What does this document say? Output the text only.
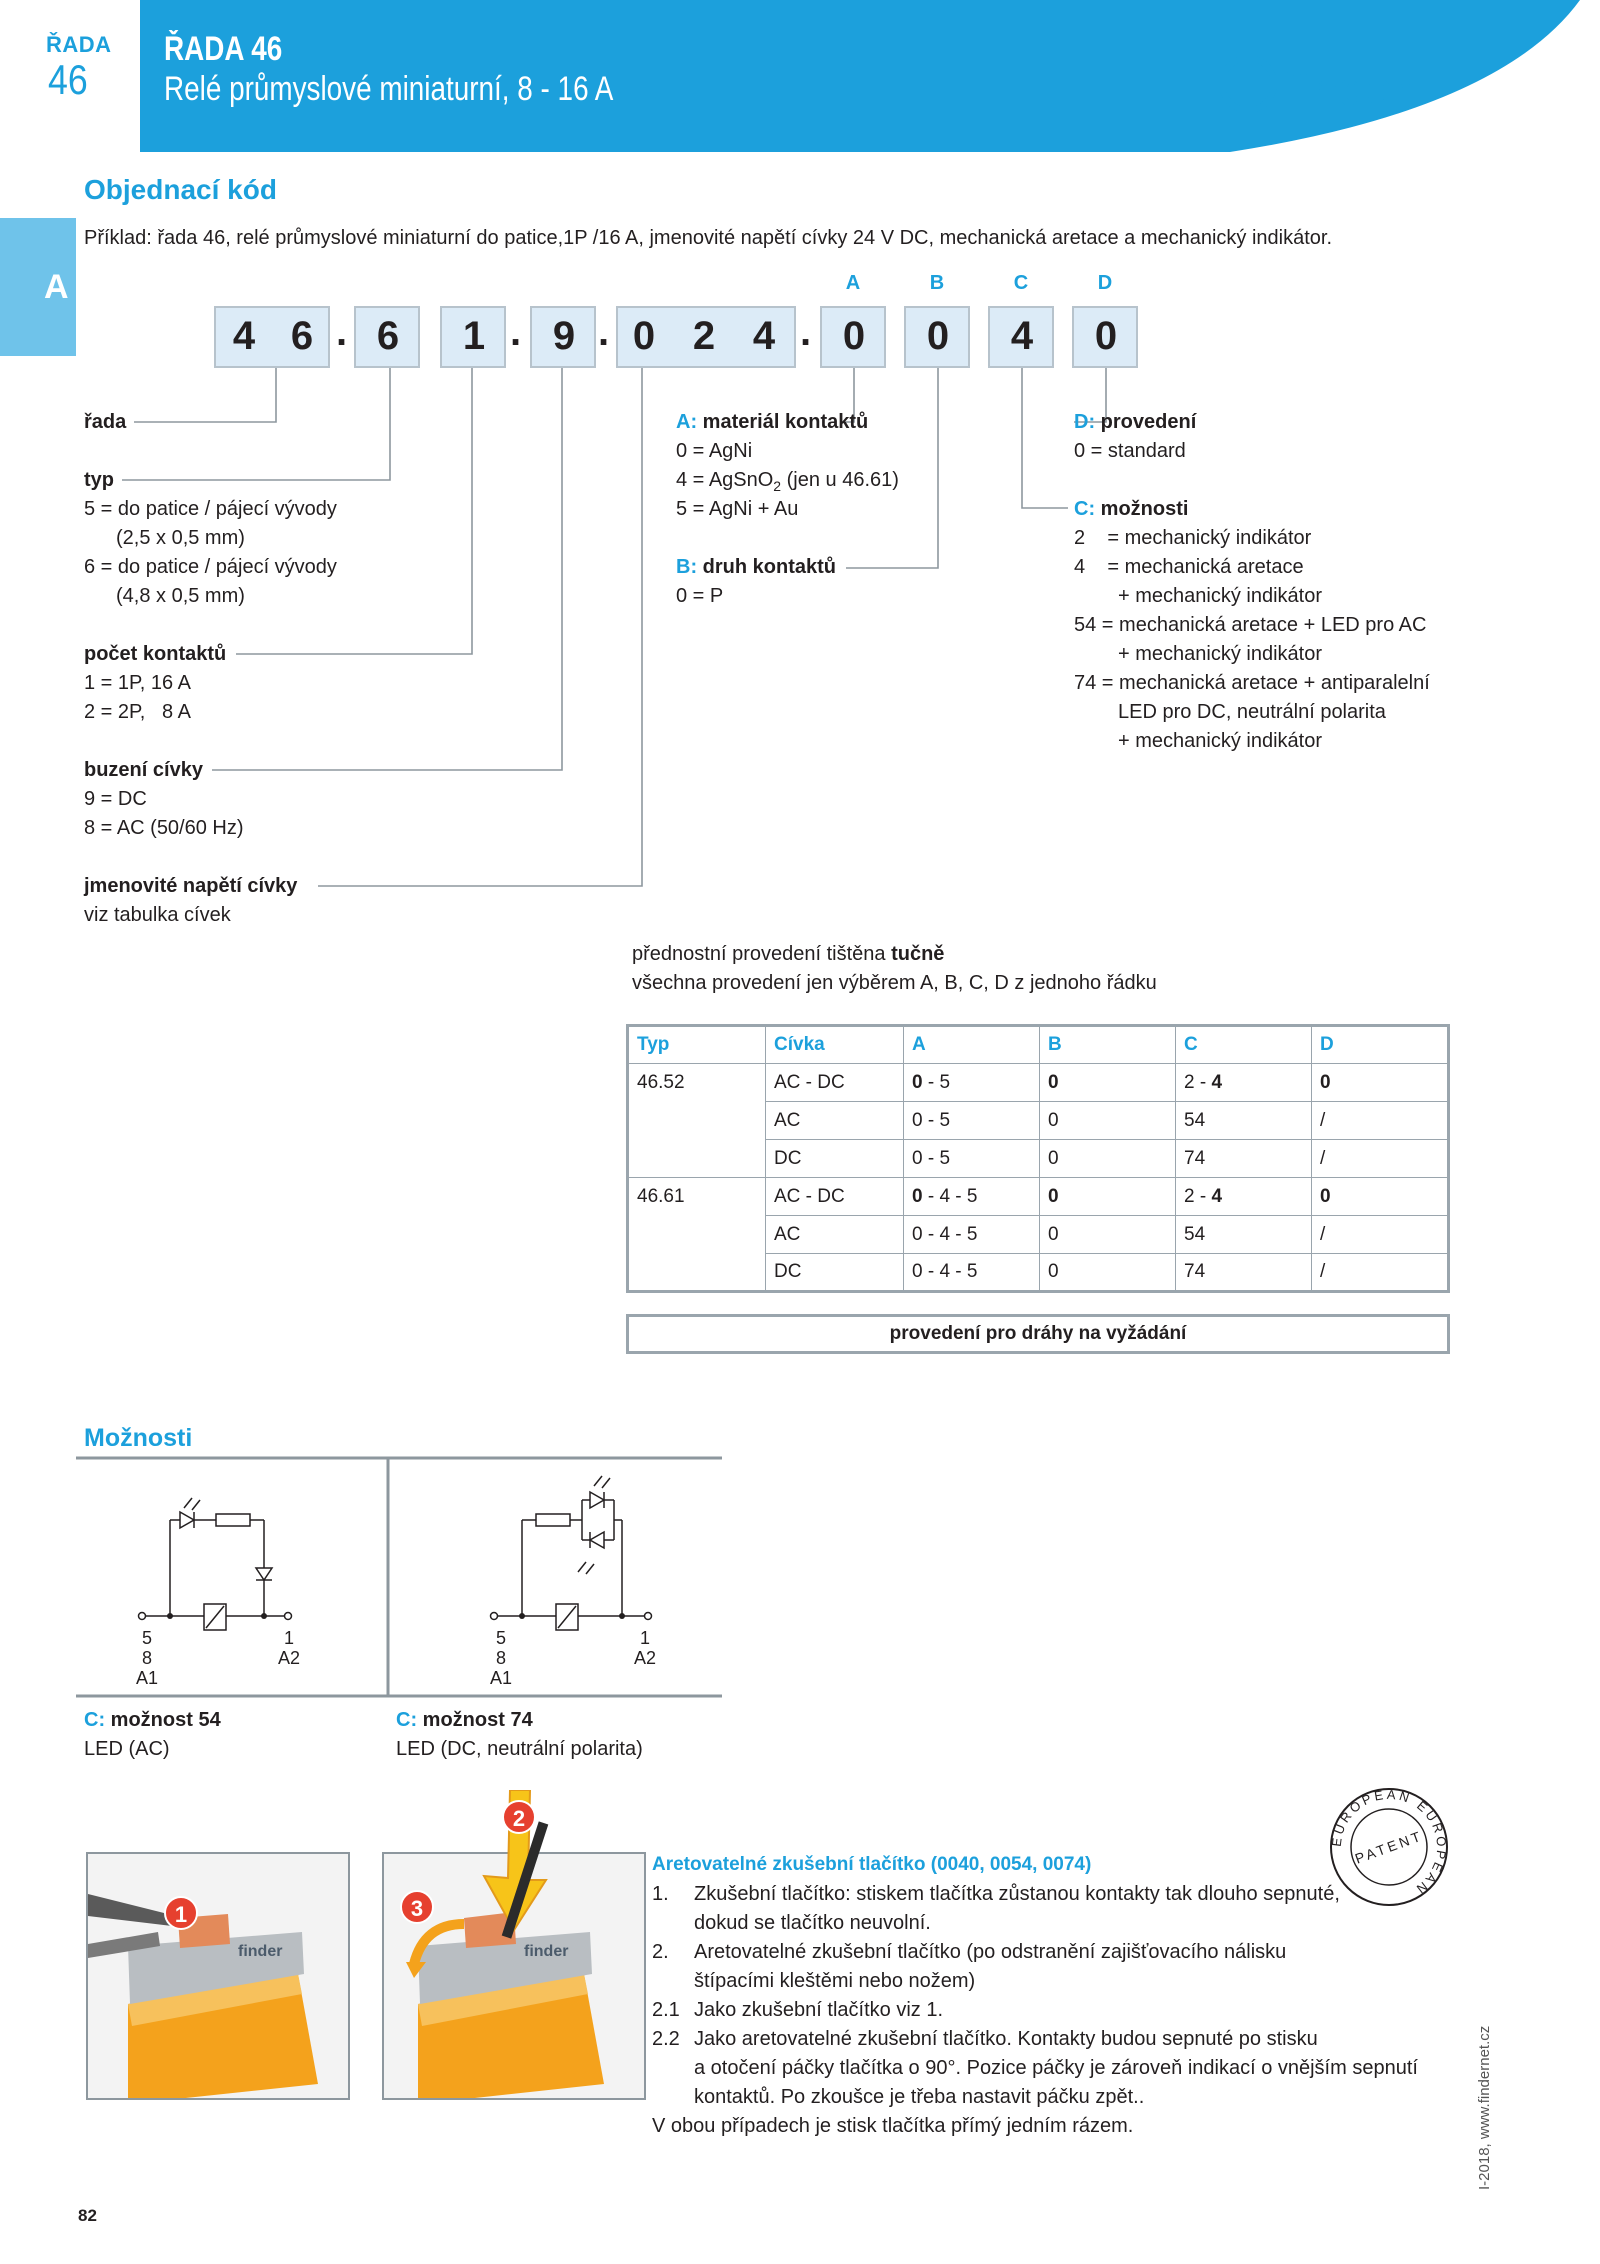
ŘADA
46
ŘADA 46
Relé průmyslové miniaturní, 8 - 16 A	finder
A
Objednací kód
Příklad: řada 46, relé průmyslové miniaturní do patice,1P /16 A, jmenovité napětí cívky 24 V DC, mechanická aretace a mechanický indikátor.
A	B	C	D
4 6 . 6 1 . 9 . 0 2 4 . 0 0 4 0
řada
typ
5 = do patice / pájecí vývody
(2,5 x 0,5 mm)
6 = do patice / pájecí vývody
(4,8 x 0,5 mm)
počet kontaktů
1 = 1P, 16 A
2 = 2P,   8 A
buzení cívky
9 = DC
8 = AC (50/60 Hz)
jmenovité napětí cívky
viz tabulka cívek
A: materiál kontaktů
0 = AgNi
4 = AgSnO$_2$ (jen u 46.61)
5 = AgNi + Au
B: druh kontaktů
0 = P
D: provedení
0 = standard
C: možnosti
2    = mechanický indikátor
4    = mechanická aretace
+ mechanický indikátor
54 = mechanická aretace + LED pro AC
+ mechanický indikátor
74 = mechanická aretace + antiparalelní
LED pro DC, neutrální polarita
+ mechanický indikátor
přednostní provedení tištěna tučně
všechna provedení jen výběrem A, B, C, D z jednoho řádku
Typ	Cívka	A	B	C	D
46.52	AC - DC	0 - 5	0	2 - 4	0
	AC	0 - 5	0	54	/
	DC	0 - 5	0	74	/
46.61	AC - DC	0 - 4 - 5	0	2 - 4	0
	AC	0 - 4 - 5	0	54	/
	DC	0 - 4 - 5	0	74	/
provedení pro dráhy na vyžádání
Možnosti
5
8
A1
1
A2
5
8
A1
1
A2
C: možnost 54
LED (AC)
C: možnost 74
LED (DC, neutrální polarita)
finder	finder
1
2
3
EUROPEAN EUROPEAN
PATENT
Aretovatelné zkušební tlačítko (0040, 0054, 0074)
1. Zkušební tlačítko: stiskem tlačítka zůstanou kontakty tak dlouho sepnuté,
dokud se tlačítko neuvolní.
2. Aretovatelné zkušební tlačítko (po odstranění zajišťovacího nálisku
štípacími kleštěmi nebo nožem)
2.1 Jako zkušební tlačítko viz 1.
2.2 Jako aretovatelné zkušební tlačítko. Kontakty budou sepnuté po stisku
a otočení páčky tlačítka o 90°. Pozice páčky je zároveň indikací o vnějším sepnutí
kontaktů. Po zkoušce je třeba nastavit páčku zpět..
V obou případech je stisk tlačítka přímý jedním rázem.
82
I-2018, www.findernet.cz
